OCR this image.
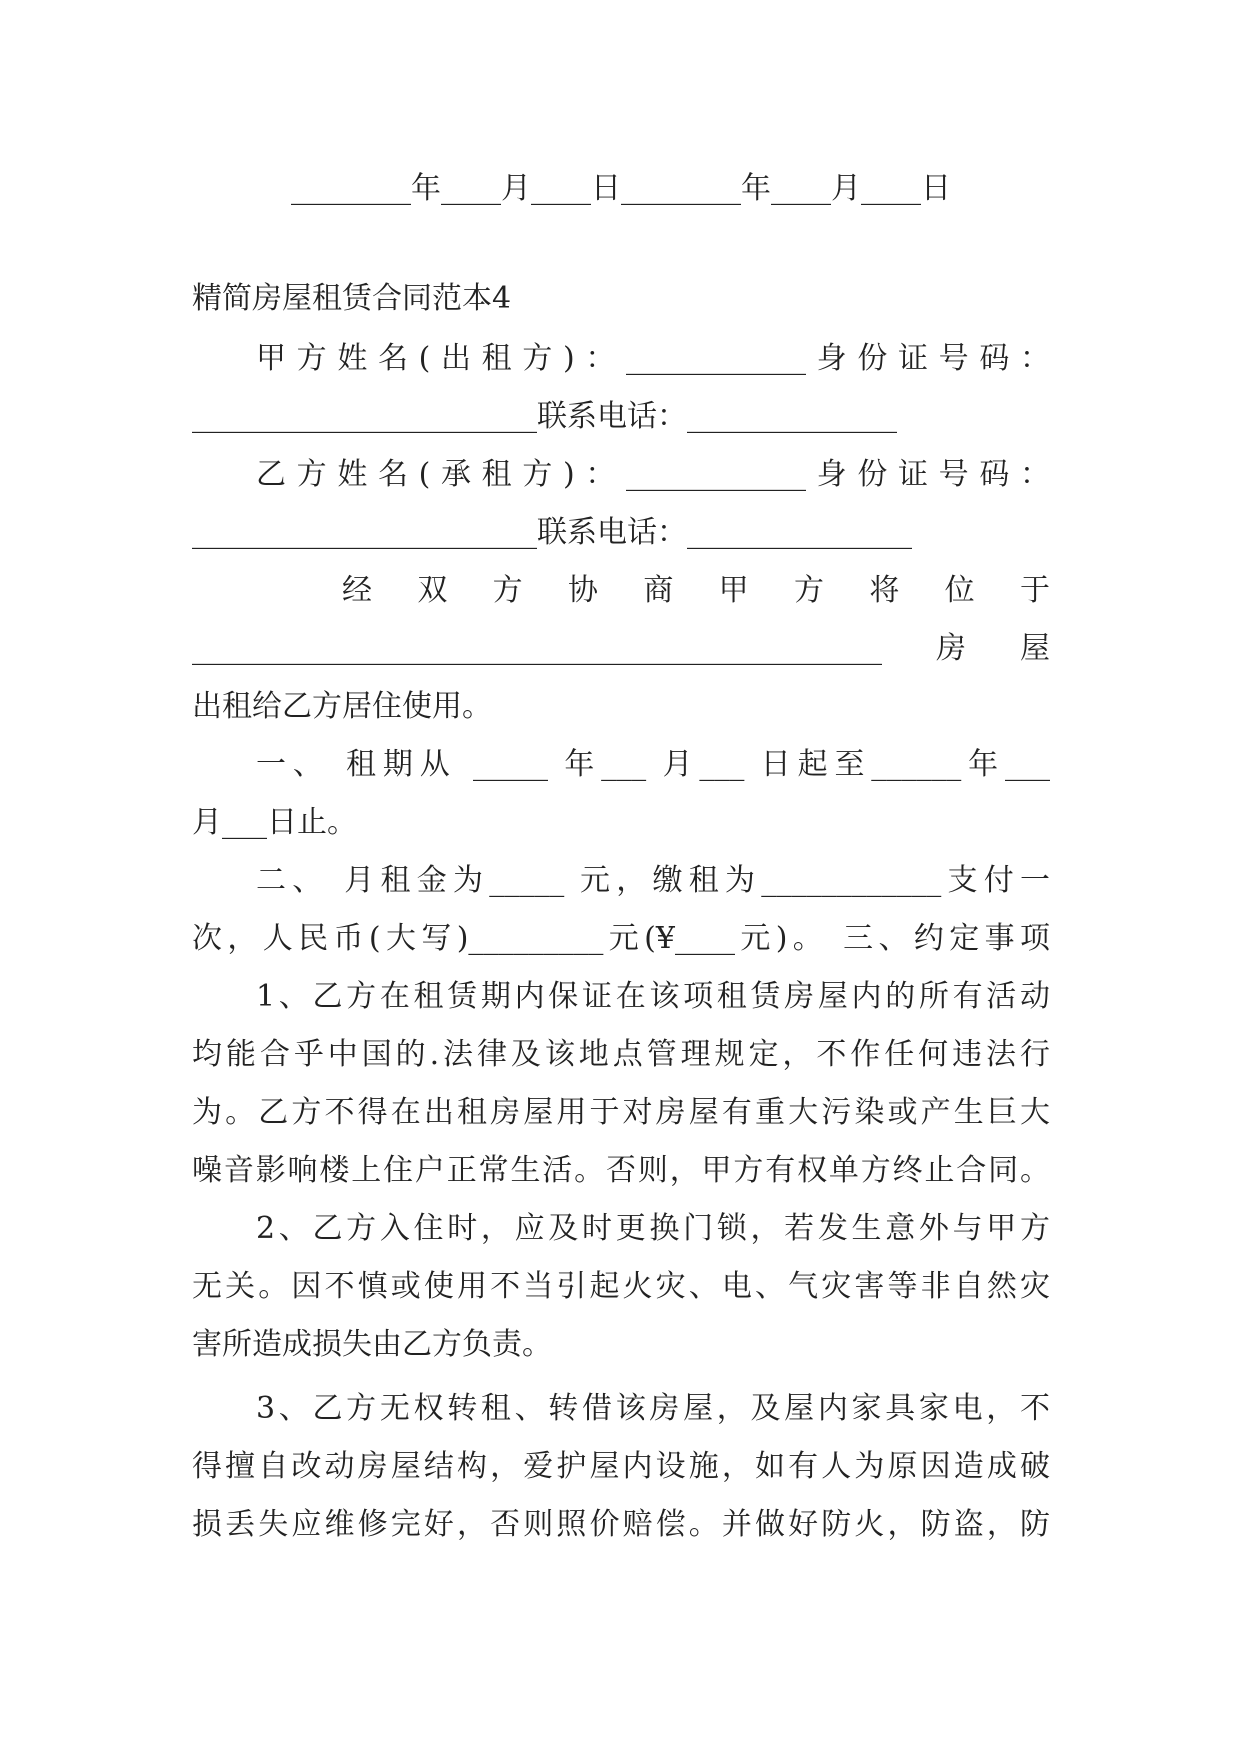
________年____月____日________年____月____日

精简房屋租赁合同范本4

甲方姓名(出租方)：____________身份证号码：

_______________________联系电话：______________

乙方姓名(承租方)：____________身份证号码：

_______________________联系电话：_______________

经双方协商甲方将位于

______________________________________________房屋

出租给乙方居住使用。

一、 租期从 _____ 年___ 月___ 日起至______年___

月___日止。

二、 月租金为_____ 元，缴租为____________支付一

次，人民币(大写)_________元(¥____元)。 三、约定事项

1、乙方在租赁期内保证在该项租赁房屋内的所有活动

均能合乎中国的.法律及该地点管理规定，不作任何违法行

为。乙方不得在出租房屋用于对房屋有重大污染或产生巨大

噪音影响楼上住户正常生活。否则，甲方有权单方终止合同。

2、乙方入住时，应及时更换门锁，若发生意外与甲方

无关。因不慎或使用不当引起火灾、电、气灾害等非自然灾

害所造成损失由乙方负责。

3、乙方无权转租、转借该房屋，及屋内家具家电，不

得擅自改动房屋结构，爱护屋内设施，如有人为原因造成破

损丢失应维修完好，否则照价赔偿。并做好防火，防盗，防
